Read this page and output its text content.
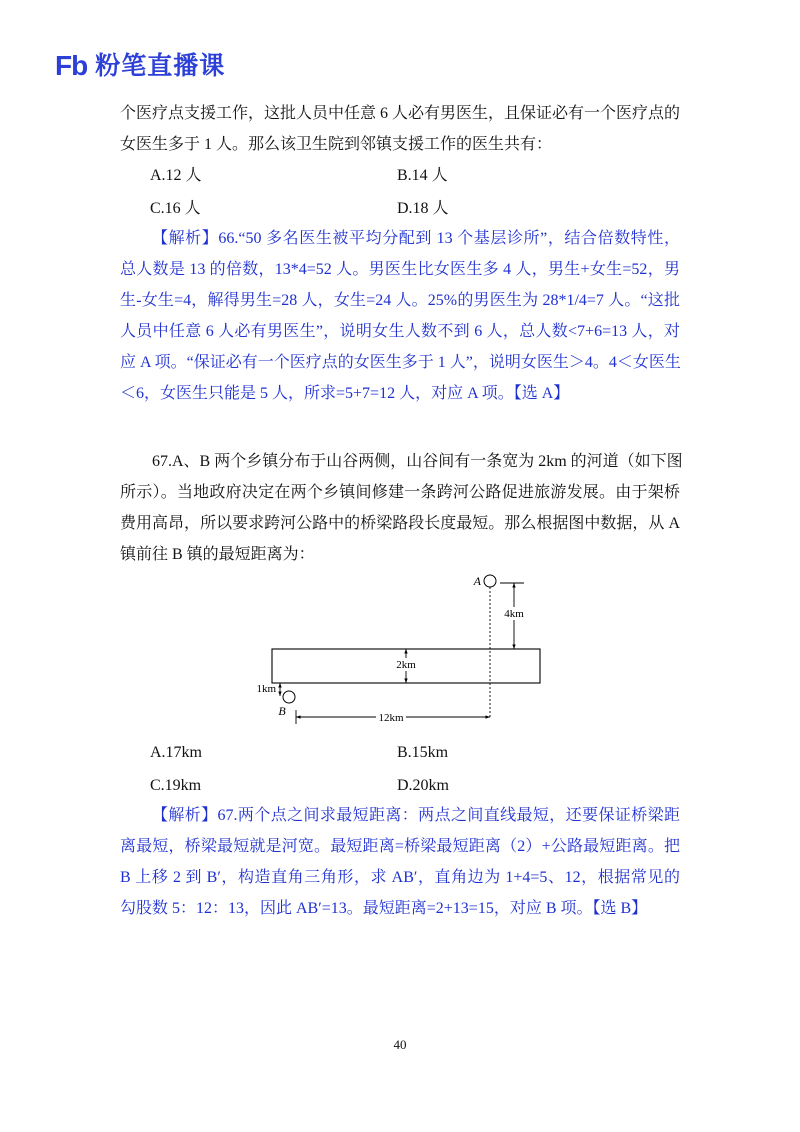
Fb 粉笔直播课
个医疗点支援工作，这批人员中任意 6 人必有男医生，且保证必有一个医疗点的
女医生多于 1 人。那么该卫生院到邻镇支援工作的医生共有：
A.12 人	B.14 人
C.16 人	D.18 人
【解析】66.“50 多名医生被平均分配到 13 个基层诊所”，结合倍数特性，
总人数是 13 的倍数，13*4=52 人。男医生比女医生多 4 人，男生+女生=52，男
生-女生=4，解得男生=28 人，女生=24 人。25%的男医生为 28*1/4=7 人。“这批
人员中任意 6 人必有男医生”，说明女生人数不到 6 人，总人数<7+6=13 人，对
应 A 项。“保证必有一个医疗点的女医生多于 1 人”，说明女医生＞4。4＜女医生
＜6，女医生只能是 5 人，所求=5+7=12 人，对应 A 项。【选 A】
67.A、B 两个乡镇分布于山谷两侧，山谷间有一条宽为 2km 的河道（如下图
所示）。当地政府决定在两个乡镇间修建一条跨河公路促进旅游发展。由于架桥
费用高昂，所以要求跨河公路中的桥梁路段长度最短。那么根据图中数据，从 A
镇前往 B 镇的最短距离为：
A
4km
2km
B
1km
12km
A.17km	B.15km
C.19km	D.20km
【解析】67.两个点之间求最短距离：两点之间直线最短，还要保证桥梁距
离最短，桥梁最短就是河宽。最短距离=桥梁最短距离（2）+公路最短距离。把
B 上移 2 到 B′，构造直角三角形，求 AB′，直角边为 1+4=5、12，根据常见的
勾股数 5：12：13，因此 AB′=13。最短距离=2+13=15，对应 B 项。【选 B】
40
